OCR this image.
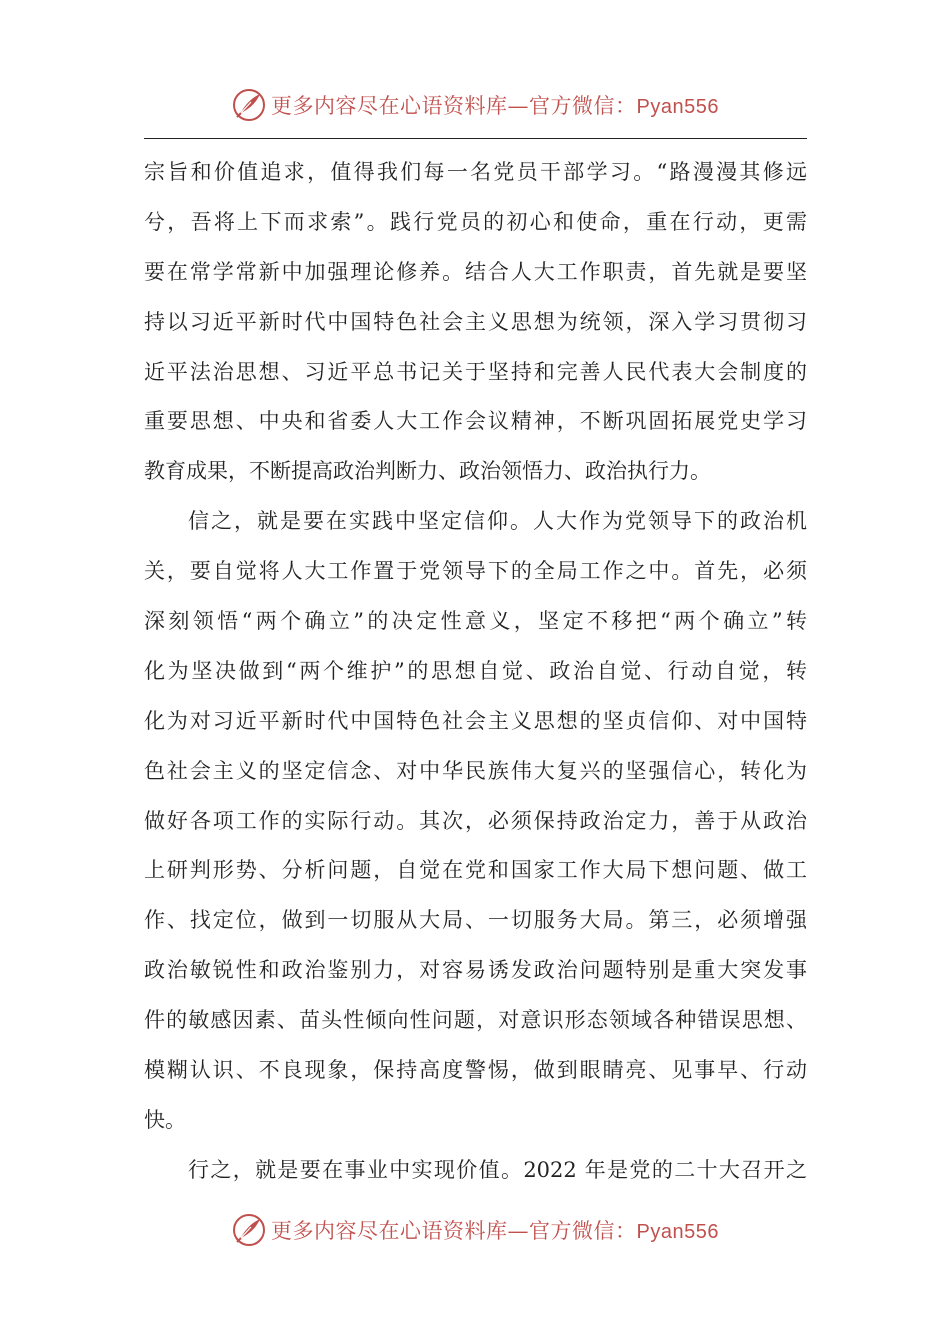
更多内容尽在心语资料库—官方微信：Pyan556
宗旨和价值追求，值得我们每一名党员干部学习。“路漫漫其修远
兮，吾将上下而求索”。践行党员的初心和使命，重在行动，更需
要在常学常新中加强理论修养。结合人大工作职责，首先就是要坚
持以习近平新时代中国特色社会主义思想为统领，深入学习贯彻习
近平法治思想、习近平总书记关于坚持和完善人民代表大会制度的
重要思想、中央和省委人大工作会议精神，不断巩固拓展党史学习
教育成果，不断提高政治判断力、政治领悟力、政治执行力。
信之，就是要在实践中坚定信仰。人大作为党领导下的政治机
关，要自觉将人大工作置于党领导下的全局工作之中。首先，必须
深刻领悟“两个确立”的决定性意义，坚定不移把“两个确立”转
化为坚决做到“两个维护”的思想自觉、政治自觉、行动自觉，转
化为对习近平新时代中国特色社会主义思想的坚贞信仰、对中国特
色社会主义的坚定信念、对中华民族伟大复兴的坚强信心，转化为
做好各项工作的实际行动。其次，必须保持政治定力，善于从政治
上研判形势、分析问题，自觉在党和国家工作大局下想问题、做工
作、找定位，做到一切服从大局、一切服务大局。第三，必须增强
政治敏锐性和政治鉴别力，对容易诱发政治问题特别是重大突发事
件的敏感因素、苗头性倾向性问题，对意识形态领域各种错误思想、
模糊认识、不良现象，保持高度警惕，做到眼睛亮、见事早、行动
快。
行之，就是要在事业中实现价值。2022 年是党的二十大召开之
更多内容尽在心语资料库—官方微信：Pyan556
